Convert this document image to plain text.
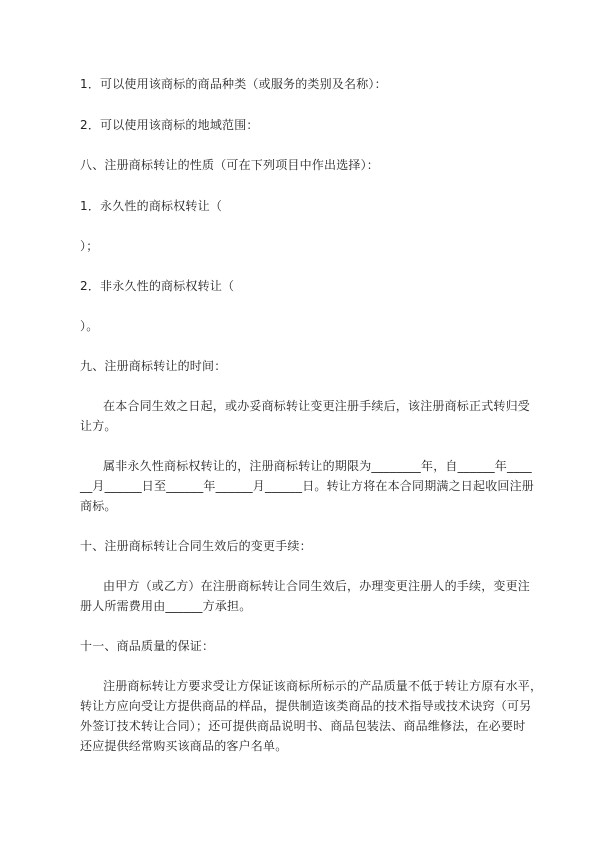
1．可以使用该商标的商品种类（或服务的类别及名称）：
2．可以使用该商标的地域范围：
八、注册商标转让的性质（可在下列项目中作出选择）：
1．永久性的商标权转让（
）；
2．非永久性的商标权转让（
）。
九、注册商标转让的时间：
在本合同生效之日起，或办妥商标转让变更注册手续后，该注册商标正式转归受
让方。
属非永久性商标权转让的，注册商标转让的期限为________年，自______年____
__月______日至______年______月______日。转让方将在本合同期满之日起收回注册
商标。
十、注册商标转让合同生效后的变更手续：
由甲方（或乙方）在注册商标转让合同生效后，办理变更注册人的手续，变更注
册人所需费用由______方承担。
十一、商品质量的保证：
注册商标转让方要求受让方保证该商标所标示的产品质量不低于转让方原有水平，
转让方应向受让方提供商品的样品，提供制造该类商品的技术指导或技术诀窍（可另
外签订技术转让合同）；还可提供商品说明书、商品包装法、商品维修法，在必要时
还应提供经常购买该商品的客户名单。
